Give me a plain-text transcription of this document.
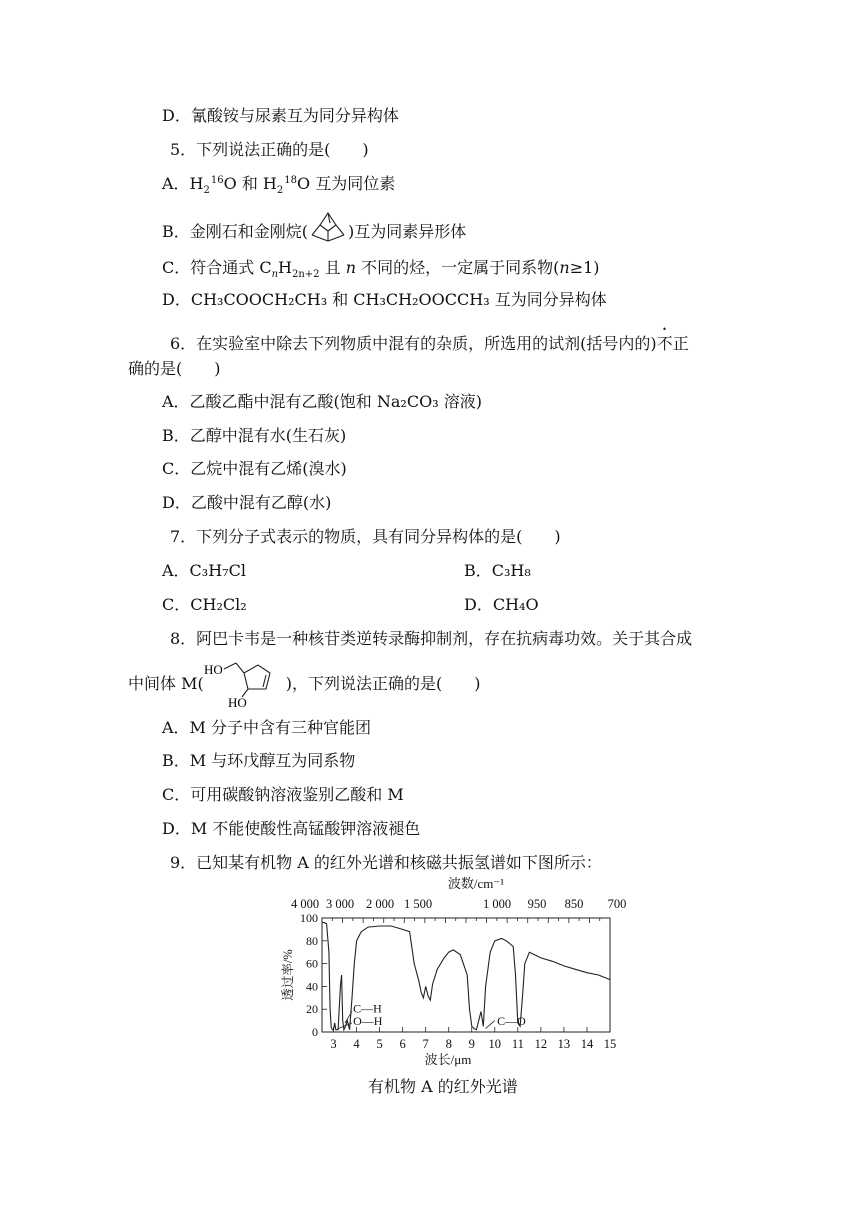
D．氰酸铵与尿素互为同分异构体
5．下列说法正确的是(　　)
A．$H_2^{16}O$ 和 $H_2^{18}O$ 互为同位素
B．金刚石和金刚烷(	)互为同素异形体
C．符合通式 $C_nH_{2n+2}$ 且 n 不同的烃，一定属于同系物(n≥1)
D．CH₃COOCH₂CH₃ 和 CH₃CH₂OOCCH₃ 互为同分异构体
6．在实验室中除去下列物质中混有的杂质，所选用的试剂(括号内的)不正
确的是(　　)
A．乙酸乙酯中混有乙酸(饱和 Na₂CO₃ 溶液)
B．乙醇中混有水(生石灰)
C．乙烷中混有乙烯(溴水)
D．乙酸中混有乙醇(水)
7．下列分子式表示的物质，具有同分异构体的是(　　)
A．C₃H₇Cl	B．C₃H₈
C．CH₂Cl₂	D．CH₄O
8．阿巴卡韦是一种核苷类逆转录酶抑制剂，存在抗病毒功效。关于其合成
中间体 M(
HO
HO
)，下列说法正确的是(　　)
A．M 分子中含有三种官能团
B．M 与环戊醇互为同系物
C．可用碳酸钠溶液鉴别乙酸和 M
D．M 不能使酸性高锰酸钾溶液褪色
9．已知某有机物 A 的红外光谱和核磁共振氢谱如下图所示：
波数/cm⁻¹
4 000 3 000 2 000 1 500	1 000 950 850 700
0
20
40
60
80
100
透过率/%
3 4 5 6 7 8 9 10 11 12 13 14 15
波长/μm
C—H
O—H	C—O
有机物 A 的红外光谱
